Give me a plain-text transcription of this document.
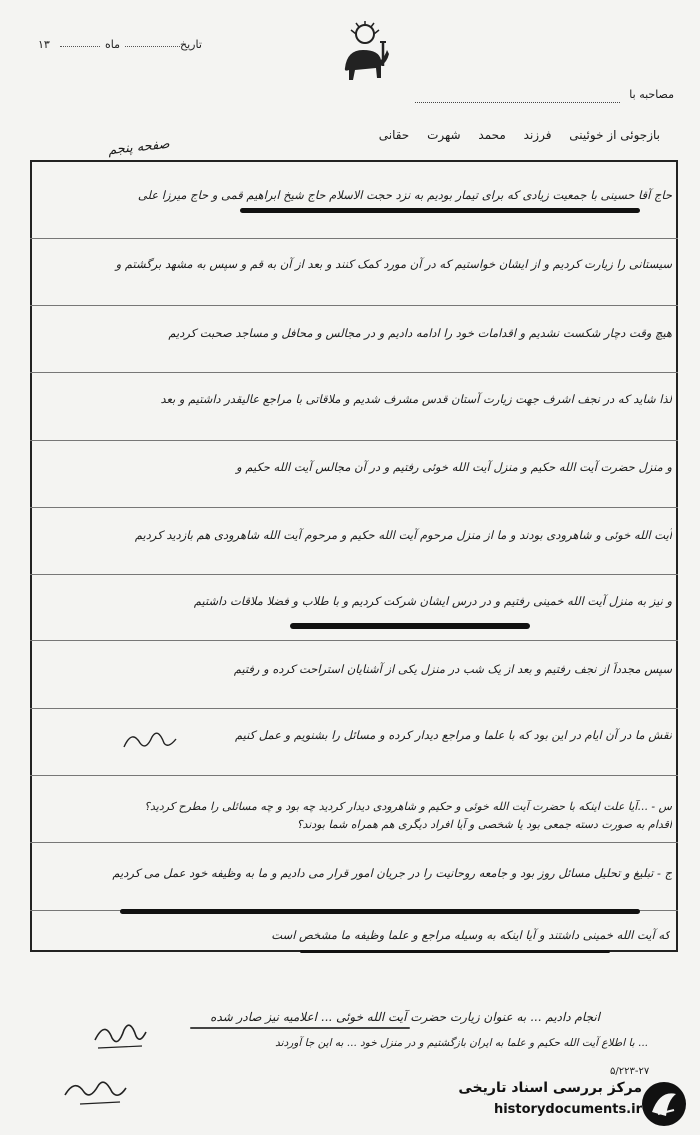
تاریخ
ماه
۱۳
مصاحبه با
بازجوئی از خوئینی فرزند محمد شهرت حقانی
صفحه پنجم
حاج آقا حسینی با جمعیت زیادی که برای تیمار بودیم به نزد حجت الاسلام حاج شیخ ابراهیم قمی و حاج میرزا علی
سیستانی را زیارت کردیم و از ایشان خواستیم که در آن مورد کمک کنند و بعد از آن به قم و سپس به مشهد برگشتم و
هیچ وقت دچار شکست نشدیم و اقدامات خود را ادامه دادیم و در مجالس و محافل و مساجد صحبت کردیم
لذا شاید که در نجف اشرف جهت زیارت آستان قدس مشرف شدیم و ملاقاتی با مراجع عالیقدر داشتیم و بعد
و منزل حضرت آیت الله حکیم و منزل آیت الله خوئی رفتیم و در آن مجالس آیت الله حکیم و
آیت الله خوئی و شاهرودی بودند و ما از منزل مرحوم آیت الله حکیم و مرحوم آیت الله شاهرودی هم بازدید کردیم
و نیز به منزل آیت الله خمینی رفتیم و در درس ایشان شرکت کردیم و با طلاب و فضلا ملاقات داشتیم
سپس مجدداً از نجف رفتیم و بعد از یک شب در منزل یکی از آشنایان استراحت کرده و رفتیم
نقش ما در آن ایام در این بود که با علما و مراجع دیدار کرده و مسائل را بشنویم و عمل کنیم
س - ...آیا علت اینکه با حضرت آیت الله خوئی و حکیم و شاهرودی دیدار کردید چه بود و چه مسائلی را مطرح کردید؟
اقدام به صورت دسته جمعی بود یا شخصی و آیا افراد دیگری هم همراه شما بودند؟
ج - تبلیغ و تحلیل مسائل روز بود و جامعه روحانیت را در جریان امور قرار می دادیم و ما به وظیفه خود عمل می کردیم
که آیت الله خمینی داشتند و آیا اینکه به وسیله مراجع و علما وظیفه ما مشخص است
انجام دادیم ... به عنوان زیارت حضرت آیت الله خوئی ... اعلامیه نیز صادر شده
... با اطلاع آیت الله حکیم و علما به ایران بازگشتیم و در منزل خود ... به این جا آوردند
۵/۲۲۳-۲۷
مرکز بررسی اسناد تاریخی
historydocuments.ir
